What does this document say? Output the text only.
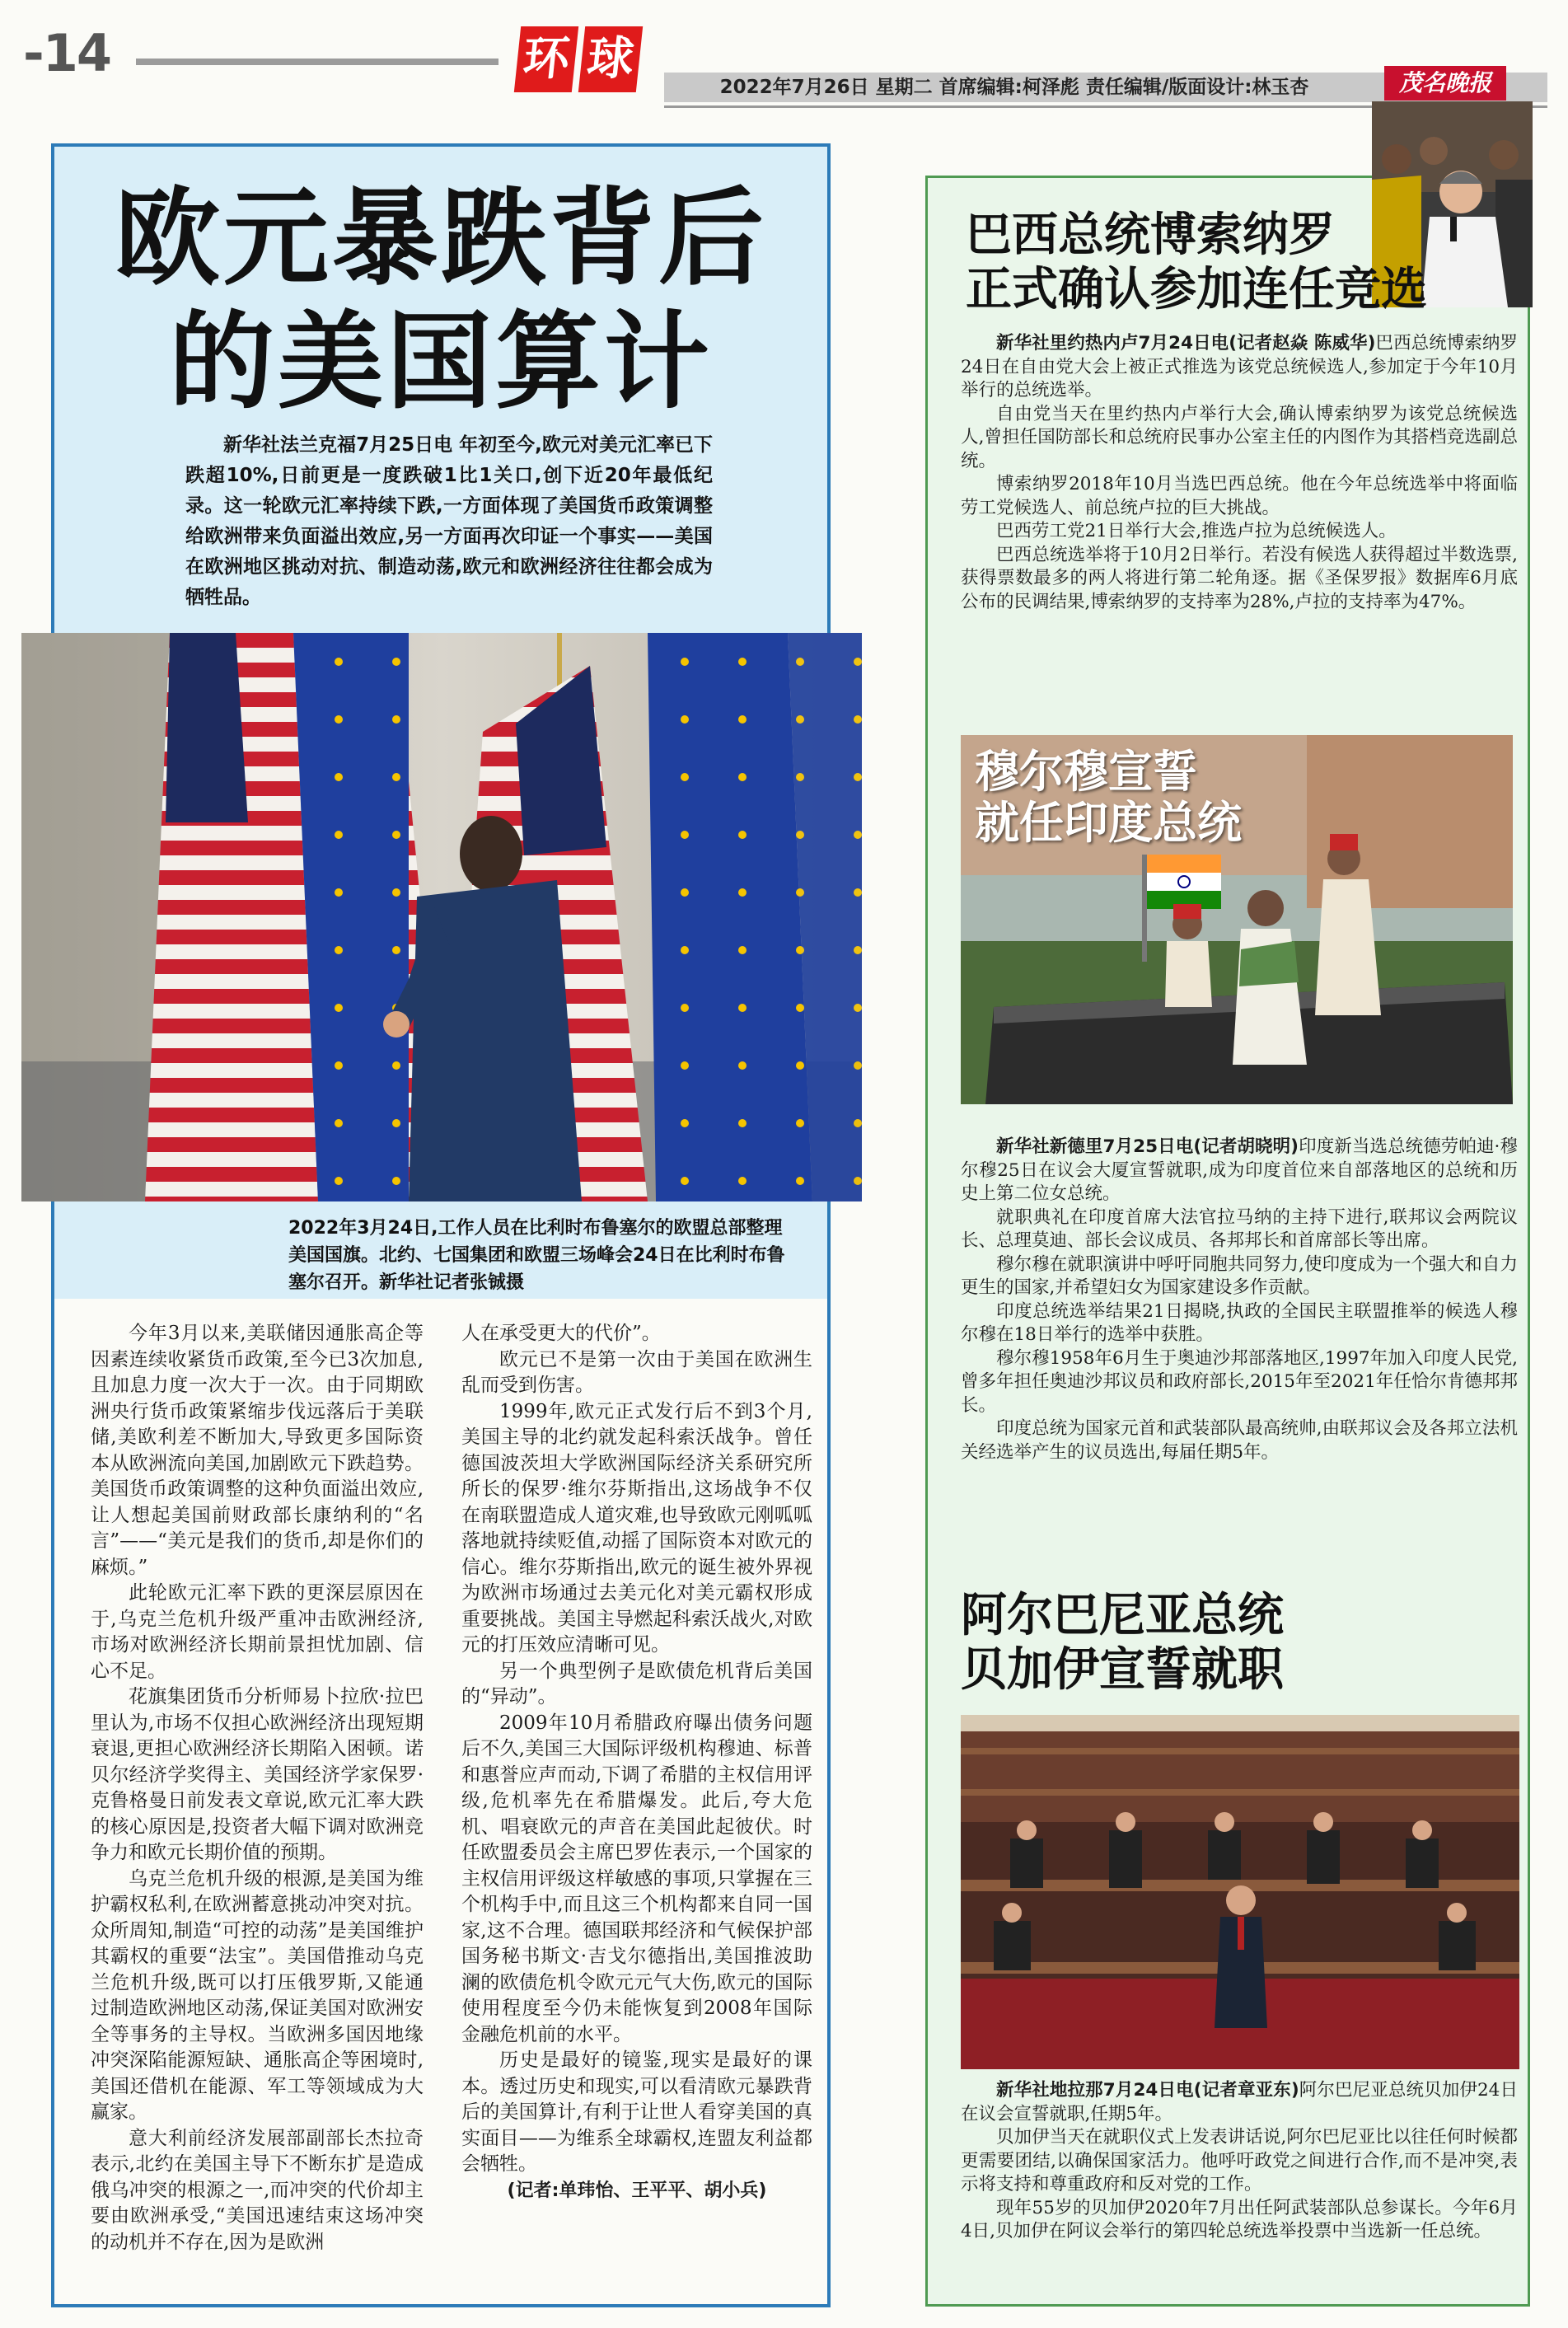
-14	环 球
2022年7月26日 星期二 首席编辑:柯泽彪 责任编辑/版面设计:林玉杏	茂名晚报
欧元暴跌背后
的美国算计
新华社法兰克福7月25日电 年初至今,欧元对美元汇率已下跌超10%,日前更是一度跌破1比1关口,创下近20年最低纪录。这一轮欧元汇率持续下跌,一方面体现了美国货币政策调整给欧洲带来负面溢出效应,另一方面再次印证一个事实——美国在欧洲地区挑动对抗、制造动荡,欧元和欧洲经济往往都会成为牺牲品。
2022年3月24日,工作人员在比利时布鲁塞尔的欧盟总部整理美国国旗。北约、七国集团和欧盟三场峰会24日在比利时布鲁塞尔召开。新华社记者张铖摄

今年3月以来,美联储因通胀高企等因素连续收紧货币政策,至今已3次加息,且加息力度一次大于一次。由于同期欧洲央行货币政策紧缩步伐远落后于美联储,美欧利差不断加大,导致更多国际资本从欧洲流向美国,加剧欧元下跌趋势。美国货币政策调整的这种负面溢出效应,让人想起美国前财政部长康纳利的“名言”——“美元是我们的货币,却是你们的麻烦。”

此轮欧元汇率下跌的更深层原因在于,乌克兰危机升级严重冲击欧洲经济,市场对欧洲经济长期前景担忧加剧、信心不足。

花旗集团货币分析师易卜拉欣·拉巴里认为,市场不仅担心欧洲经济出现短期衰退,更担心欧洲经济长期陷入困顿。诺贝尔经济学奖得主、美国经济学家保罗·克鲁格曼日前发表文章说,欧元汇率大跌的核心原因是,投资者大幅下调对欧洲竞争力和欧元长期价值的预期。

乌克兰危机升级的根源,是美国为维护霸权私利,在欧洲蓄意挑动冲突对抗。众所周知,制造“可控的动荡”是美国维护其霸权的重要“法宝”。美国借推动乌克兰危机升级,既可以打压俄罗斯,又能通过制造欧洲地区动荡,保证美国对欧洲安全等事务的主导权。当欧洲多国因地缘冲突深陷能源短缺、通胀高企等困境时,美国还借机在能源、军工等领域成为大赢家。

意大利前经济发展部副部长杰拉奇表示,北约在美国主导下不断东扩是造成俄乌冲突的根源之一,而冲突的代价却主要由欧洲承受,“美国迅速结束这场冲突的动机并不存在,因为是欧洲

人在承受更大的代价”。

欧元已不是第一次由于美国在欧洲生乱而受到伤害。

1999年,欧元正式发行后不到3个月,美国主导的北约就发起科索沃战争。曾任德国波茨坦大学欧洲国际经济关系研究所所长的保罗·维尔芬斯指出,这场战争不仅在南联盟造成人道灾难,也导致欧元刚呱呱落地就持续贬值,动摇了国际资本对欧元的信心。维尔芬斯指出,欧元的诞生被外界视为欧洲市场通过去美元化对美元霸权形成重要挑战。美国主导燃起科索沃战火,对欧元的打压效应清晰可见。

另一个典型例子是欧债危机背后美国的“异动”。

2009年10月希腊政府曝出债务问题后不久,美国三大国际评级机构穆迪、标普和惠誉应声而动,下调了希腊的主权信用评级,危机率先在希腊爆发。此后,夸大危机、唱衰欧元的声音在美国此起彼伏。时任欧盟委员会主席巴罗佐表示,一个国家的主权信用评级这样敏感的事项,只掌握在三个机构手中,而且这三个机构都来自同一国家,这不合理。德国联邦经济和气候保护部国务秘书斯文·吉戈尔德指出,美国推波助澜的欧债危机令欧元元气大伤,欧元的国际使用程度至今仍未能恢复到2008年国际金融危机前的水平。

历史是最好的镜鉴,现实是最好的课本。透过历史和现实,可以看清欧元暴跌背后的美国算计,有利于让世人看穿美国的真实面目——为维系全球霸权,连盟友利益都会牺牲。

(记者:单玮怡、王平平、胡小兵)

巴西总统博索纳罗
正式确认参加连任竞选

新华社里约热内卢7月24日电(记者赵焱 陈威华)巴西总统博索纳罗24日在自由党大会上被正式推选为该党总统候选人,参加定于今年10月举行的总统选举。

自由党当天在里约热内卢举行大会,确认博索纳罗为该党总统候选人,曾担任国防部长和总统府民事办公室主任的内图作为其搭档竞选副总统。

博索纳罗2018年10月当选巴西总统。他在今年总统选举中将面临劳工党候选人、前总统卢拉的巨大挑战。

巴西劳工党21日举行大会,推选卢拉为总统候选人。

巴西总统选举将于10月2日举行。若没有候选人获得超过半数选票,获得票数最多的两人将进行第二轮角逐。据《圣保罗报》数据库6月底公布的民调结果,博索纳罗的支持率为28%,卢拉的支持率为47%。

穆尔穆宣誓
就任印度总统

新华社新德里7月25日电(记者胡晓明)印度新当选总统德劳帕迪·穆尔穆25日在议会大厦宣誓就职,成为印度首位来自部落地区的总统和历史上第二位女总统。

就职典礼在印度首席大法官拉马纳的主持下进行,联邦议会两院议长、总理莫迪、部长会议成员、各邦邦长和首席部长等出席。

穆尔穆在就职演讲中呼吁同胞共同努力,使印度成为一个强大和自力更生的国家,并希望妇女为国家建设多作贡献。

印度总统选举结果21日揭晓,执政的全国民主联盟推举的候选人穆尔穆在18日举行的选举中获胜。

穆尔穆1958年6月生于奥迪沙邦部落地区,1997年加入印度人民党,曾多年担任奥迪沙邦议员和政府部长,2015年至2021年任恰尔肯德邦邦长。

印度总统为国家元首和武装部队最高统帅,由联邦议会及各邦立法机关经选举产生的议员选出,每届任期5年。

阿尔巴尼亚总统
贝加伊宣誓就职

新华社地拉那7月24日电(记者章亚东)阿尔巴尼亚总统贝加伊24日在议会宣誓就职,任期5年。

贝加伊当天在就职仪式上发表讲话说,阿尔巴尼亚比以往任何时候都更需要团结,以确保国家活力。他呼吁政党之间进行合作,而不是冲突,表示将支持和尊重政府和反对党的工作。

现年55岁的贝加伊2020年7月出任阿武装部队总参谋长。今年6月4日,贝加伊在阿议会举行的第四轮总统选举投票中当选新一任总统。
